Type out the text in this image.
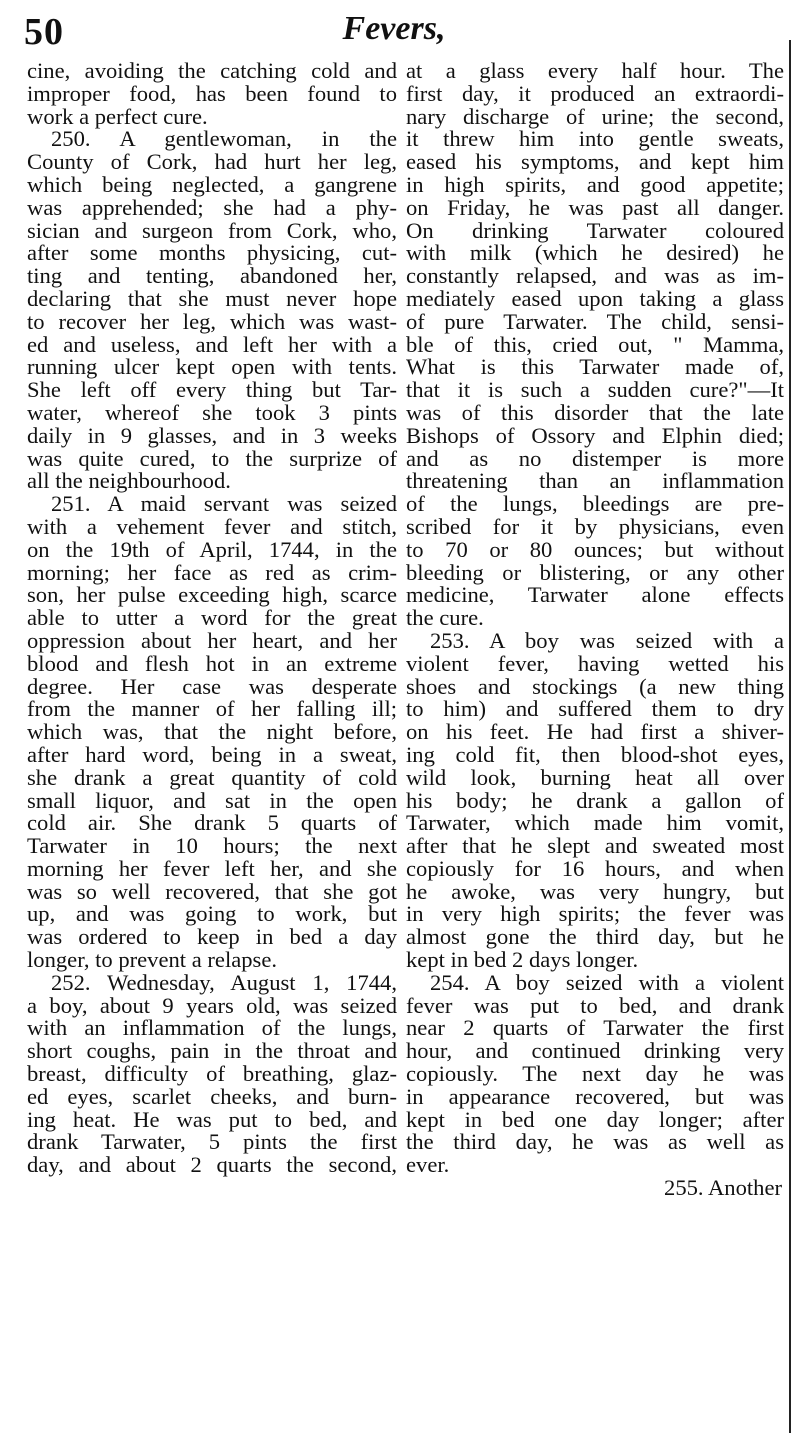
50	Fevers,
cine, avoiding the catching cold and
improper food, has been found to
work a perfect cure.
250. A gentlewoman, in the
County of Cork, had hurt her leg,
which being neglected, a gangrene
was apprehended; she had a phy-
sician and surgeon from Cork, who,
after some months physicing, cut-
ting and tenting, abandoned her,
declaring that she must never hope
to recover her leg, which was wast-
ed and useless, and left her with a
running ulcer kept open with tents.
She left off every thing but Tar-
water, whereof she took 3 pints
daily in 9 glasses, and in 3 weeks
was quite cured, to the surprize of
all the neighbourhood.
251. A maid servant was seized
with a vehement fever and stitch,
on the 19th of April, 1744, in the
morning; her face as red as crim-
son, her pulse exceeding high, scarce
able to utter a word for the great
oppression about her heart, and her
blood and flesh hot in an extreme
degree. Her case was desperate
from the manner of her falling ill;
which was, that the night before,
after hard word, being in a sweat,
she drank a great quantity of cold
small liquor, and sat in the open
cold air. She drank 5 quarts of
Tarwater in 10 hours; the next
morning her fever left her, and she
was so well recovered, that she got
up, and was going to work, but
was ordered to keep in bed a day
longer, to prevent a relapse.
252. Wednesday, August 1, 1744,
a boy, about 9 years old, was seized
with an inflammation of the lungs,
short coughs, pain in the throat and
breast, difficulty of breathing, glaz-
ed eyes, scarlet cheeks, and burn-
ing heat. He was put to bed, and
drank Tarwater, 5 pints the first
day, and about 2 quarts the second,
at a glass every half hour. The
first day, it produced an extraordi-
nary discharge of urine; the second,
it threw him into gentle sweats,
eased his symptoms, and kept him
in high spirits, and good appetite;
on Friday, he was past all danger.
On drinking Tarwater coloured
with milk (which he desired) he
constantly relapsed, and was as im-
mediately eased upon taking a glass
of pure Tarwater. The child, sensi-
ble of this, cried out, " Mamma,
What is this Tarwater made of,
that it is such a sudden cure?"—It
was of this disorder that the late
Bishops of Ossory and Elphin died;
and as no distemper is more
threatening than an inflammation
of the lungs, bleedings are pre-
scribed for it by physicians, even
to 70 or 80 ounces; but without
bleeding or blistering, or any other
medicine, Tarwater alone effects
the cure.
253. A boy was seized with a
violent fever, having wetted his
shoes and stockings (a new thing
to him) and suffered them to dry
on his feet. He had first a shiver-
ing cold fit, then blood-shot eyes,
wild look, burning heat all over
his body; he drank a gallon of
Tarwater, which made him vomit,
after that he slept and sweated most
copiously for 16 hours, and when
he awoke, was very hungry, but
in very high spirits; the fever was
almost gone the third day, but he
kept in bed 2 days longer.
254. A boy seized with a violent
fever was put to bed, and drank
near 2 quarts of Tarwater the first
hour, and continued drinking very
copiously. The next day he was
in appearance recovered, but was
kept in bed one day longer; after
the third day, he was as well as
ever.
255. Another
